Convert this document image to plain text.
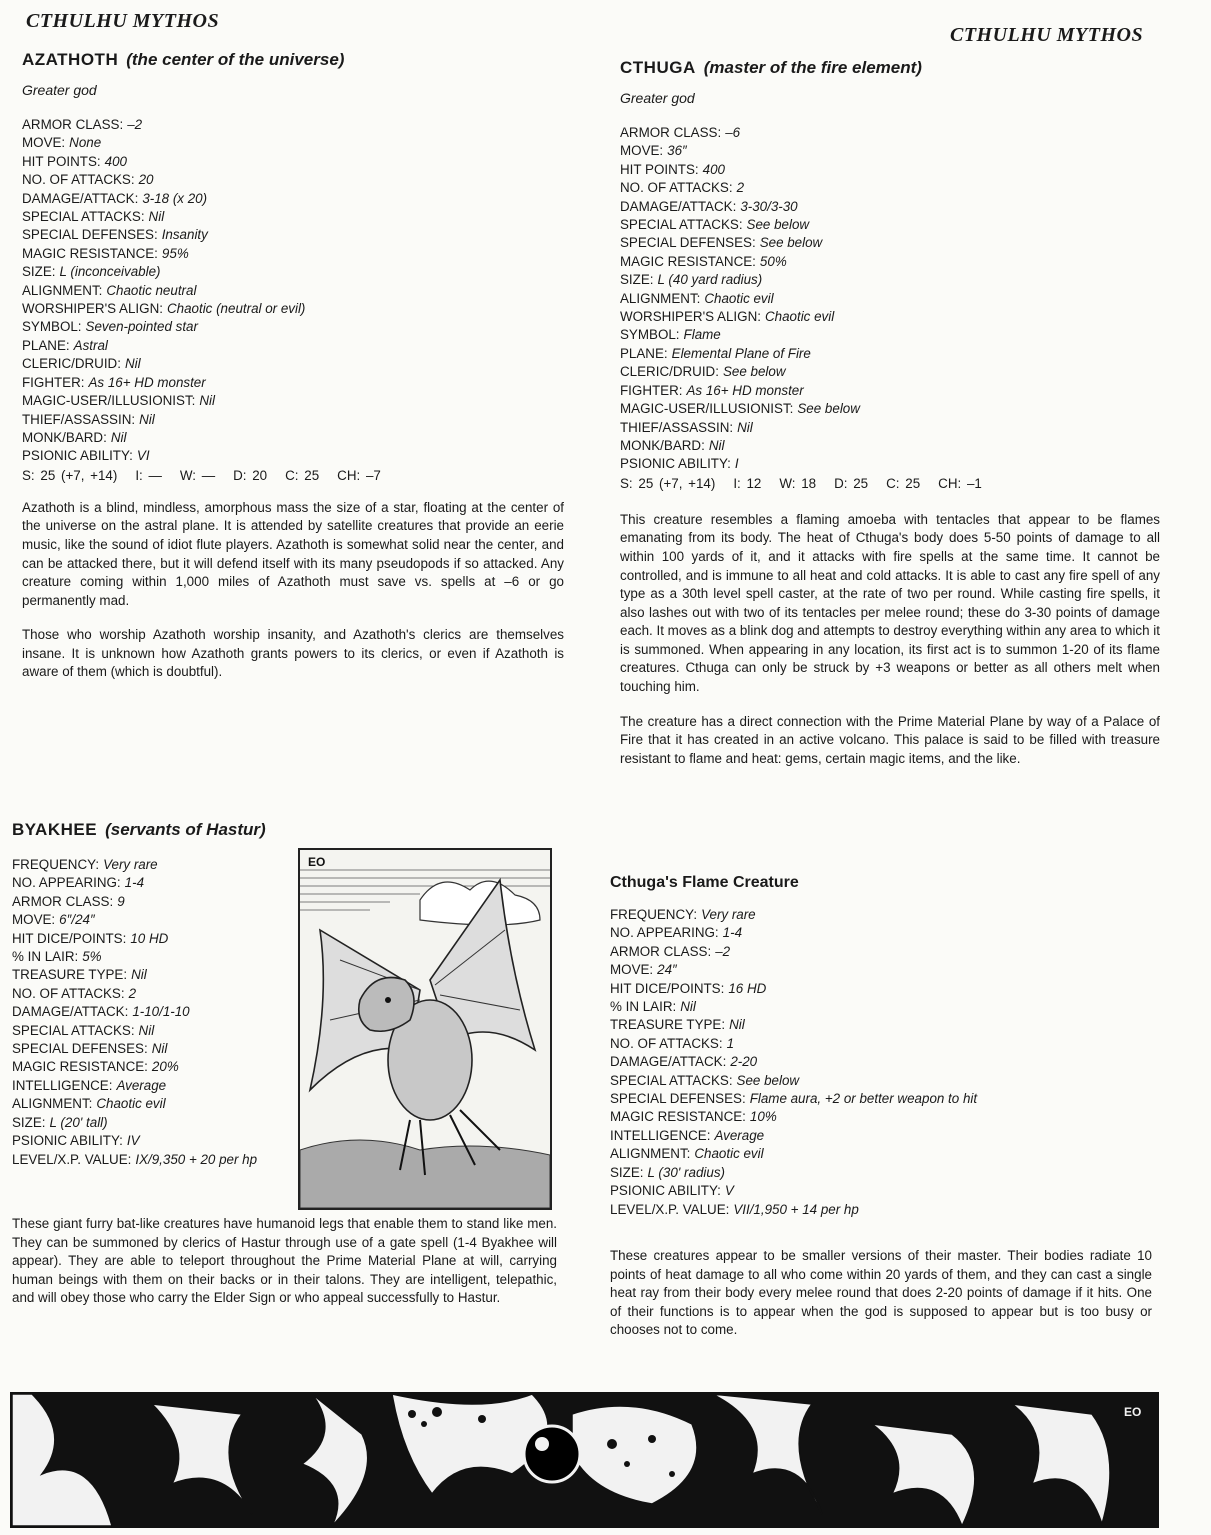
CTHULHU MYTHOS
CTHULHU MYTHOS
AZATHOTH (the center of the universe)

Greater god

ARMOR CLASS: –2
MOVE: None
HIT POINTS: 400
NO. OF ATTACKS: 20
DAMAGE/ATTACK: 3-18 (x 20)
SPECIAL ATTACKS: Nil
SPECIAL DEFENSES: Insanity
MAGIC RESISTANCE: 95%
SIZE: L (inconceivable)
ALIGNMENT: Chaotic neutral
WORSHIPER'S ALIGN: Chaotic (neutral or evil)
SYMBOL: Seven-pointed star
PLANE: Astral
CLERIC/DRUID: Nil
FIGHTER: As 16+ HD monster
MAGIC-USER/ILLUSIONIST: Nil
THIEF/ASSASSIN: Nil
MONK/BARD: Nil
PSIONIC ABILITY: VI
S: 25 (+7, +14) I: — W: — D: 20 C: 25 CH: –7

Azathoth is a blind, mindless, amorphous mass the size of a star, floating at the center of the universe on the astral plane. It is attended by satellite creatures that provide an eerie music, like the sound of idiot flute players. Azathoth is somewhat solid near the center, and can be attacked there, but it will defend itself with its many pseudopods if so attacked. Any creature coming within 1,000 miles of Azathoth must save vs. spells at –6 or go permanently mad.

Those who worship Azathoth worship insanity, and Azathoth's clerics are themselves insane. It is unknown how Azathoth grants powers to its clerics, or even if Azathoth is aware of them (which is doubtful).

CTHUGA (master of the fire element)

Greater god

ARMOR CLASS: –6
MOVE: 36″
HIT POINTS: 400
NO. OF ATTACKS: 2
DAMAGE/ATTACK: 3-30/3-30
SPECIAL ATTACKS: See below
SPECIAL DEFENSES: See below
MAGIC RESISTANCE: 50%
SIZE: L (40 yard radius)
ALIGNMENT: Chaotic evil
WORSHIPER'S ALIGN: Chaotic evil
SYMBOL: Flame
PLANE: Elemental Plane of Fire
CLERIC/DRUID: See below
FIGHTER: As 16+ HD monster
MAGIC-USER/ILLUSIONIST: See below
THIEF/ASSASSIN: Nil
MONK/BARD: Nil
PSIONIC ABILITY: I
S: 25 (+7, +14) I: 12 W: 18 D: 25 C: 25 CH: –1

This creature resembles a flaming amoeba with tentacles that appear to be flames emanating from its body. The heat of Cthuga's body does 5-50 points of damage to all within 100 yards of it, and it attacks with fire spells at the same time. It cannot be controlled, and is immune to all heat and cold attacks. It is able to cast any fire spell of any type as a 30th level spell caster, at the rate of two per round. While casting fire spells, it also lashes out with two of its tentacles per melee round; these do 3-30 points of damage each. It moves as a blink dog and attempts to destroy everything within any area to which it is summoned. When appearing in any location, its first act is to summon 1-20 of its flame creatures. Cthuga can only be struck by +3 weapons or better as all others melt when touching him.

The creature has a direct connection with the Prime Material Plane by way of a Palace of Fire that it has created in an active volcano. This palace is said to be filled with treasure resistant to flame and heat: gems, certain magic items, and the like.

BYAKHEE (servants of Hastur)
FREQUENCY: Very rare
NO. APPEARING: 1-4
ARMOR CLASS: 9
MOVE: 6″/24″
HIT DICE/POINTS: 10 HD
% IN LAIR: 5%
TREASURE TYPE: Nil
NO. OF ATTACKS: 2
DAMAGE/ATTACK: 1-10/1-10
SPECIAL ATTACKS: Nil
SPECIAL DEFENSES: Nil
MAGIC RESISTANCE: 20%
INTELLIGENCE: Average
ALIGNMENT: Chaotic evil
SIZE: L (20' tall)
PSIONIC ABILITY: IV
LEVEL/X.P. VALUE: IX/9,350 + 20 per hp

These giant furry bat-like creatures have humanoid legs that enable them to stand like men. They can be summoned by clerics of Hastur through use of a gate spell (1-4 Byakhee will appear). They are able to teleport throughout the Prime Material Plane at will, carrying human beings with them on their backs or in their talons. They are intelligent, telepathic, and will obey those who carry the Elder Sign or who appeal successfully to Hastur.

EO
Cthuga's Flame Creature
FREQUENCY: Very rare
NO. APPEARING: 1-4
ARMOR CLASS: –2
MOVE: 24″
HIT DICE/POINTS: 16 HD
% IN LAIR: Nil
TREASURE TYPE: Nil
NO. OF ATTACKS: 1
DAMAGE/ATTACK: 2-20
SPECIAL ATTACKS: See below
SPECIAL DEFENSES: Flame aura, +2 or better weapon to hit
MAGIC RESISTANCE: 10%
INTELLIGENCE: Average
ALIGNMENT: Chaotic evil
SIZE: L (30' radius)
PSIONIC ABILITY: V
LEVEL/X.P. VALUE: VII/1,950 + 14 per hp

These creatures appear to be smaller versions of their master. Their bodies radiate 10 points of heat damage to all who come within 20 yards of them, and they can cast a single heat ray from their body every melee round that does 2-20 points of damage if it hits. One of their functions is to appear when the god is supposed to appear but is too busy or chooses not to come.

EO
